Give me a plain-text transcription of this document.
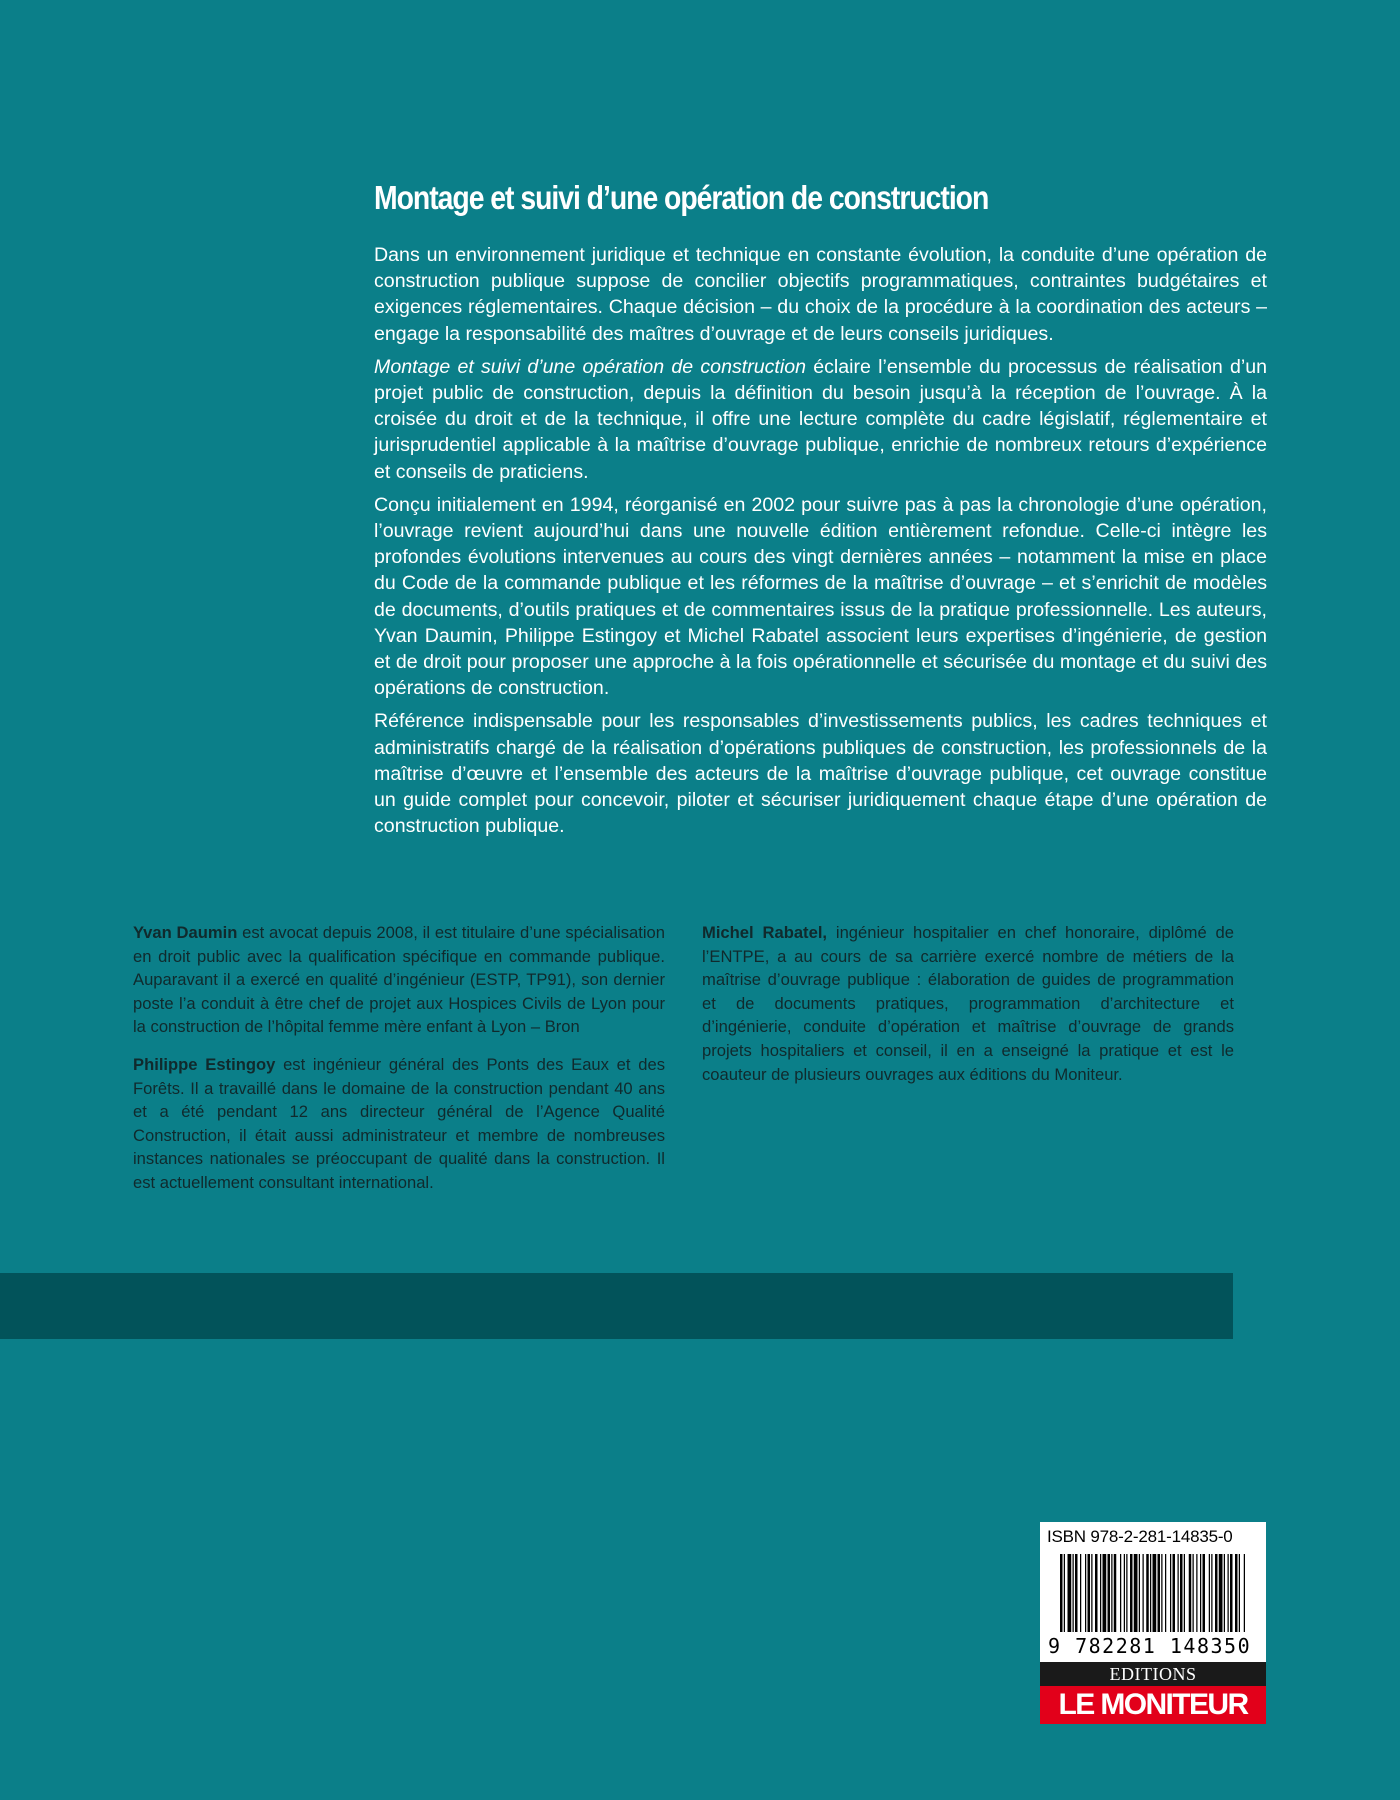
Montage et suivi d’une opération de construction

Dans un environnement juridique et technique en constante évolution, la conduite d’une opération de construction publique suppose de concilier objectifs programmatiques, contraintes budgétaires et exigences réglementaires. Chaque décision – du choix de la procédure à la coordination des acteurs – engage la responsabilité des maîtres d’ouvrage et de leurs conseils juridiques.

Montage et suivi d’une opération de construction éclaire l’ensemble du processus de réalisation d’un projet public de construction, depuis la définition du besoin jusqu’à la réception de l’ouvrage. À la croisée du droit et de la technique, il offre une lecture complète du cadre législatif, réglementaire et jurisprudentiel applicable à la maîtrise d’ouvrage publique, enrichie de nombreux retours d’expérience et conseils de praticiens.

Conçu initialement en 1994, réorganisé en 2002 pour suivre pas à pas la chronologie d’une opération, l’ouvrage revient aujourd’hui dans une nouvelle édition entièrement refondue. Celle-ci intègre les profondes évolutions intervenues au cours des vingt dernières années – notamment la mise en place du Code de la commande publique et les réformes de la maîtrise d’ouvrage – et s’enrichit de modèles de documents, d’outils pratiques et de commentaires issus de la pratique professionnelle. Les auteurs, Yvan Daumin, Philippe Estingoy et Michel Rabatel associent leurs expertises d’ingénierie, de gestion et de droit pour proposer une approche à la fois opérationnelle et sécurisée du montage et du suivi des opérations de construction.

Référence indispensable pour les responsables d’investissements publics, les cadres techniques et administratifs chargé de la réalisation d’opérations publiques de construction, les professionnels de la maîtrise d’œuvre et l’ensemble des acteurs de la maîtrise d’ouvrage publique, cet ouvrage constitue un guide complet pour concevoir, piloter et sécuriser juridiquement chaque étape d’une opération de construction publique.

Yvan Daumin est avocat depuis 2008, il est titulaire d’une spécialisation en droit public avec la qualification spécifique en commande publique. Auparavant il a exercé en qualité d’ingénieur (ESTP, TP91), son dernier poste l’a conduit à être chef de projet aux Hospices Civils de Lyon pour la construction de l’hôpital femme mère enfant à Lyon – Bron

Philippe Estingoy est ingénieur général des Ponts des Eaux et des Forêts. Il a travaillé dans le domaine de la construction pendant 40 ans et a été pendant 12 ans directeur général de l’Agence Qualité Construction, il était aussi administrateur et membre de nombreuses instances nationales se préoccupant de qualité dans la construction. Il est actuellement consultant international.

Michel Rabatel, ingénieur hospitalier en chef honoraire, diplômé de l’ENTPE, a au cours de sa carrière exercé nombre de métiers de la maîtrise d’ouvrage publique : élaboration de guides de programmation et de documents pratiques, programmation d’architecture et d’ingénierie, conduite d’opération et maîtrise d’ouvrage de grands projets hospitaliers et conseil, il en a enseigné la pratique et est le coauteur de plusieurs ouvrages aux éditions du Moniteur.

ISBN 978-2-281-14835-0
9 782281 148350
EDITIONS
LE MONITEUR
